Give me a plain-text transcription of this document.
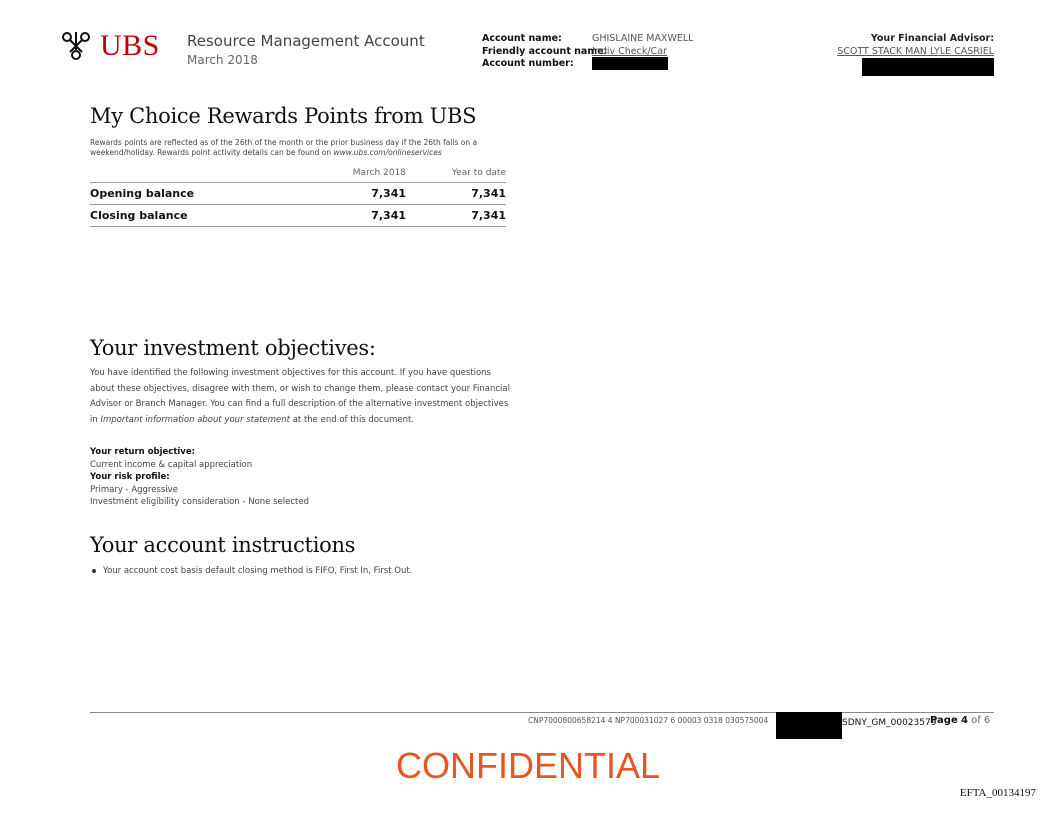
UBS Resource Management Account
March 2018
Account name:	GHISLAINE MAXWELL
Friendly account name:
Indiv Check/Car
Account number:
Your Financial Advisor:
SCOTT STACK MAN LYLE CASRIEL
My Choice Rewards Points from UBS
Rewards points are reflected as of the 26th of the month or the prior business day if the 26th falls on a
weekend/holiday. Rewards point activity details can be found on www.ubs.com/onlineservices
	March 2018	Year to date
Opening balance	7,341	7,341
Closing balance	7,341	7,341
Your investment objectives:
You have identified the following investment objectives for this account. If you have questions about these objectives, disagree with them, or wish to change them, please contact your Financial Advisor or Branch Manager. You can find a full description of the alternative investment objectives in Important information about your statement at the end of this document.
Your return objective:
Current income & capital appreciation
Your risk profile:
Primary - Aggressive
Investment eligibility consideration - None selected
Your account instructions
Your account cost basis default closing method is FIFO, First In, First Out.
CNP7000800658214 4 NP700031027 6 00003 0318 030575004	SDNY_GM_00023579
Page 4 of 6
CONFIDENTIAL
EFTA_00134197
